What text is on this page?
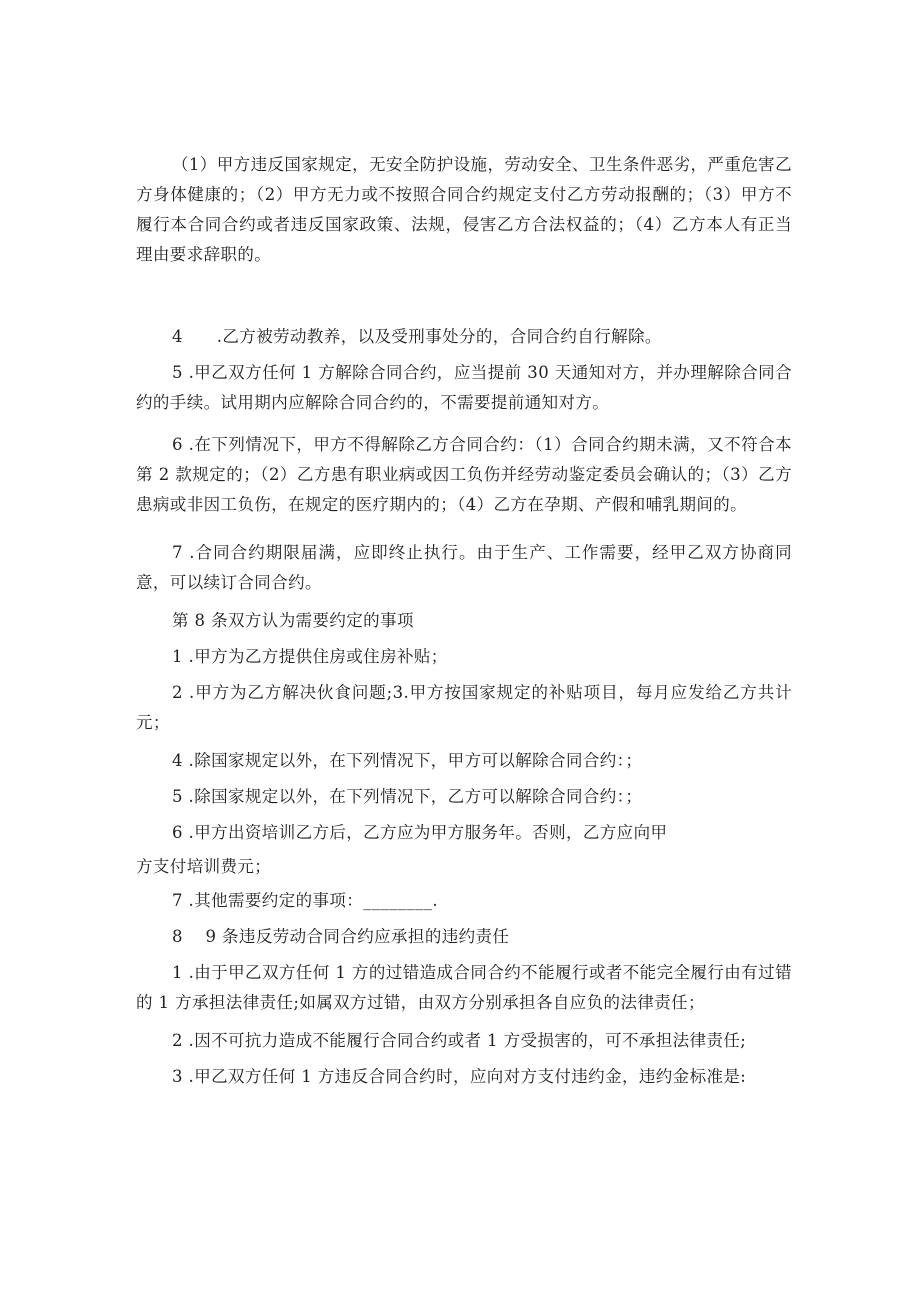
（1）甲方违反国家规定，无安全防护设施，劳动安全、卫生条件恶劣，严重危害乙方身体健康的；（2）甲方无力或不按照合同合约规定支付乙方劳动报酬的；（3）甲方不履行本合同合约或者违反国家政策、法规，侵害乙方合法权益的；（4）乙方本人有正当理由要求辞职的。

4      .乙方被劳动教养，以及受刑事处分的，合同合约自行解除。

5 .甲乙双方任何 1 方解除合同合约，应当提前 30 天通知对方，并办理解除合同合约的手续。试用期内应解除合同合约的，不需要提前通知对方。

6 .在下列情况下，甲方不得解除乙方合同合约：（1）合同合约期未满，又不符合本第 2 款规定的；（2）乙方患有职业病或因工负伤并经劳动鉴定委员会确认的；（3）乙方患病或非因工负伤，在规定的医疗期内的；（4）乙方在孕期、产假和哺乳期间的。

7 .合同合约期限届满，应即终止执行。由于生产、工作需要，经甲乙双方协商同意，可以续订合同合约。

第 8 条双方认为需要约定的事项

1 .甲方为乙方提供住房或住房补贴；

2 .甲方为乙方解决伙食问题;3.甲方按国家规定的补贴项目，每月应发给乙方共计元；

4 .除国家规定以外，在下列情况下，甲方可以解除合同合约：；

5 .除国家规定以外，在下列情况下，乙方可以解除合同合约：；

6 .甲方出资培训乙方后，乙方应为甲方服务年。否则，乙方应向甲

方支付培训费元；

7 .其他需要约定的事项：________.

8    9 条违反劳动合同合约应承担的违约责任

1 .由于甲乙双方任何 1 方的过错造成合同合约不能履行或者不能完全履行由有过错的 1 方承担法律责任;如属双方过错，由双方分别承担各自应负的法律责任；

2 .因不可抗力造成不能履行合同合约或者 1 方受损害的，可不承担法律责任;

3 .甲乙双方任何 1 方违反合同合约时，应向对方支付违约金，违约金标准是:
